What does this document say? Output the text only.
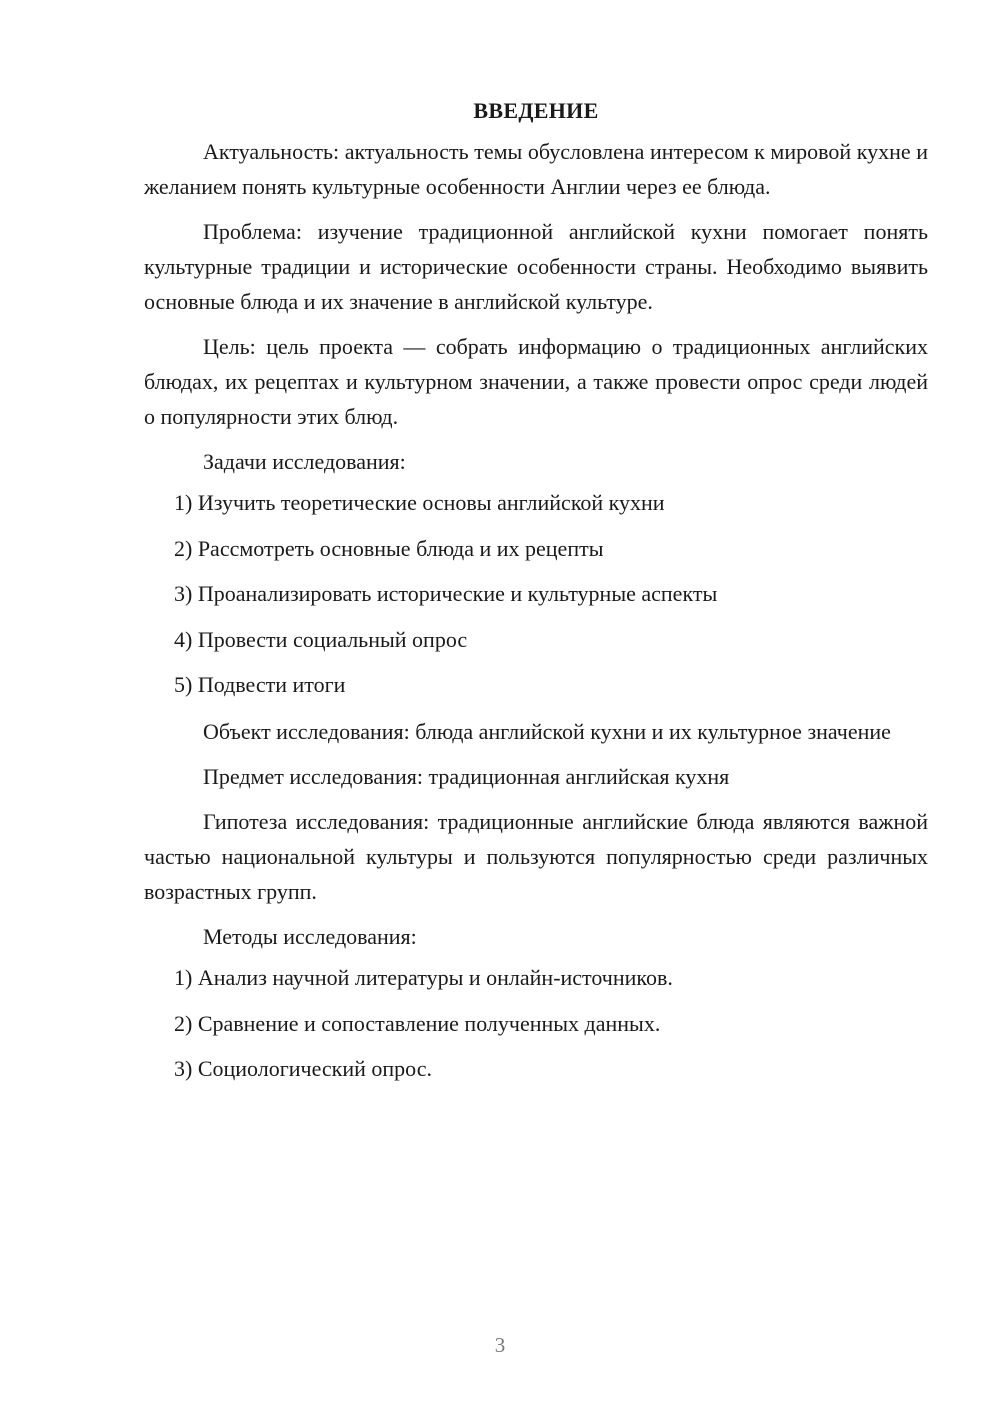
ВВЕДЕНИЕ

Актуальность: актуальность темы обусловлена интересом к мировой кухне и желанием понять культурные особенности Англии через ее блюда.

Проблема: изучение традиционной английской кухни помогает понять культурные традиции и исторические особенности страны. Необходимо выявить основные блюда и их значение в английской культуре.

Цель: цель проекта — собрать информацию о традиционных английских блюдах, их рецептах и культурном значении, а также провести опрос среди людей о популярности этих блюд.

Задачи исследования:

1) Изучить теоретические основы английской кухни
2) Рассмотреть основные блюда и их рецепты
3) Проанализировать исторические и культурные аспекты
4) Провести социальный опрос
5) Подвести итоги

Объект исследования: блюда английской кухни и их культурное значение

Предмет исследования: традиционная английская кухня

Гипотеза исследования: традиционные английские блюда являются важной частью национальной культуры и пользуются популярностью среди различных возрастных групп.

Методы исследования:

1) Анализ научной литературы и онлайн-источников.
2) Сравнение и сопоставление полученных данных.
3) Социологический опрос.
3
